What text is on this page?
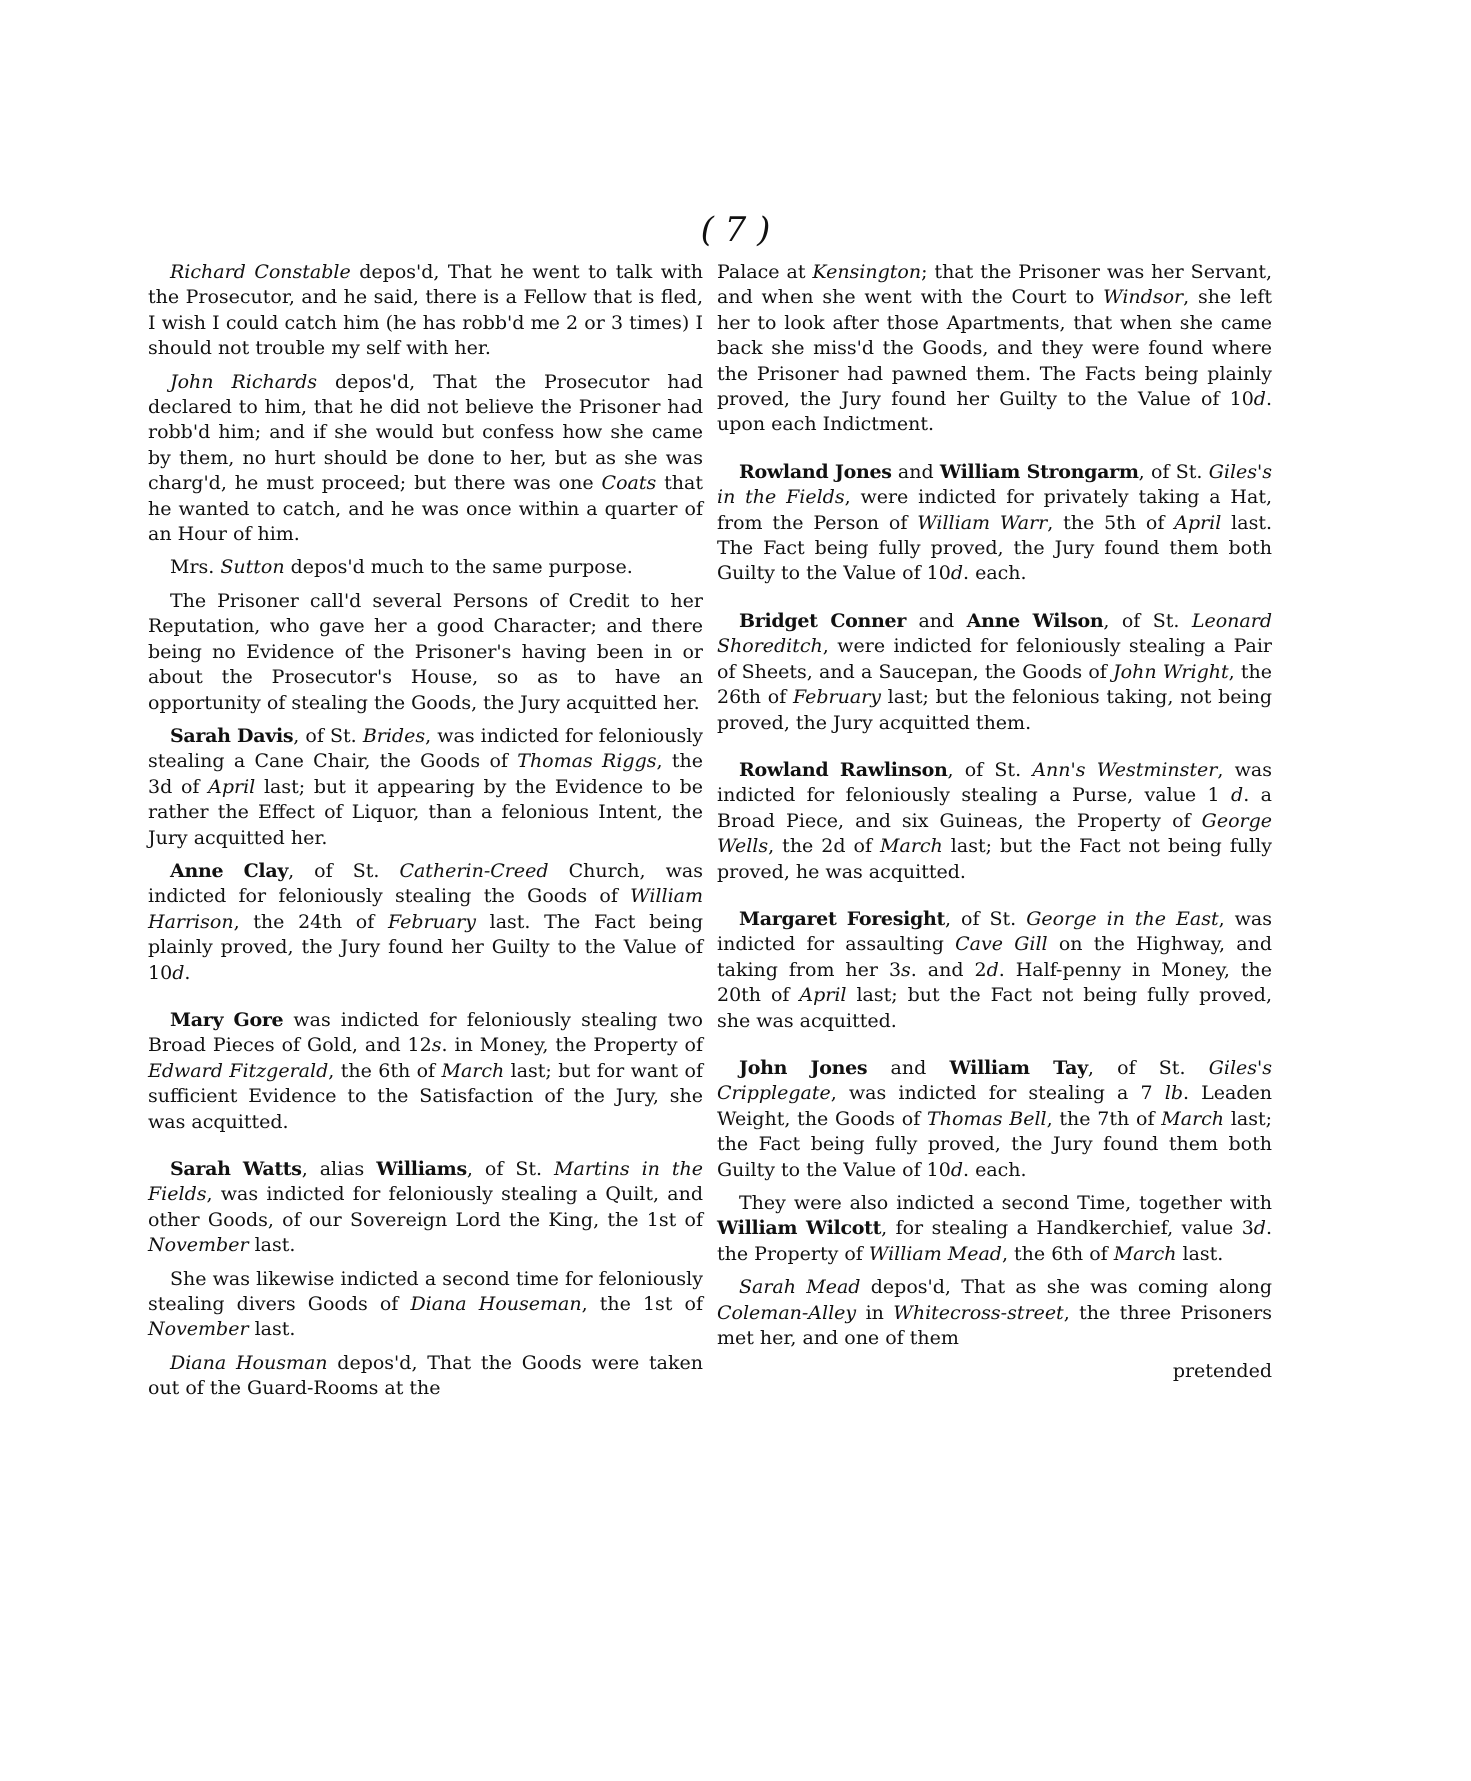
( 7 )

Richard Constable depos'd, That he went to talk with the Prosecutor, and he said, there is a Fellow that is fled, I wish I could catch him (he has robb'd me 2 or 3 times) I should not trouble my self with her.

John Richards depos'd, That the Prosecutor had declared to him, that he did not believe the Prisoner had robb'd him; and if she would but confess how she came by them, no hurt should be done to her, but as she was charg'd, he must proceed; but there was one Coats that he wanted to catch, and he was once within a quarter of an Hour of him.

Mrs. Sutton depos'd much to the same purpose.

The Prisoner call'd several Persons of Credit to her Reputation, who gave her a good Character; and there being no Evidence of the Prisoner's having been in or about the Prosecutor's House, so as to have an opportunity of stealing the Goods, the Jury acquitted her.

Sarah Davis, of St. Brides, was indicted for feloniously stealing a Cane Chair, the Goods of Thomas Riggs, the 3d of April last; but it appearing by the Evidence to be rather the Effect of Liquor, than a felonious Intent, the Jury acquitted her.

Anne Clay, of St. Catherin-Creed Church, was indicted for feloniously stealing the Goods of William Harrison, the 24th of February last. The Fact being plainly proved, the Jury found her Guilty to the Value of 10d.

Mary Gore was indicted for feloniously stealing two Broad Pieces of Gold, and 12s. in Money, the Property of Edward Fitzgerald, the 6th of March last; but for want of sufficient Evidence to the Satisfaction of the Jury, she was acquitted.

Sarah Watts, alias Williams, of St. Martins in the Fields, was indicted for feloniously stealing a Quilt, and other Goods, of our Sovereign Lord the King, the 1st of November last.

She was likewise indicted a second time for feloniously stealing divers Goods of Diana Houseman, the 1st of November last.

Diana Housman depos'd, That the Goods were taken out of the Guard-Rooms at the

Palace at Kensington; that the Prisoner was her Servant, and when she went with the Court to Windsor, she left her to look after those Apartments, that when she came back she miss'd the Goods, and they were found where the Prisoner had pawned them. The Facts being plainly proved, the Jury found her Guilty to the Value of 10d. upon each Indictment.

Rowland Jones and William Strongarm, of St. Giles's in the Fields, were indicted for privately taking a Hat, from the Person of William Warr, the 5th of April last. The Fact being fully proved, the Jury found them both Guilty to the Value of 10d. each.

Bridget Conner and Anne Wilson, of St. Leonard Shoreditch, were indicted for feloniously stealing a Pair of Sheets, and a Saucepan, the Goods of John Wright, the 26th of February last; but the felonious taking, not being proved, the Jury acquitted them.

Rowland Rawlinson, of St. Ann's Westminster, was indicted for feloniously stealing a Purse, value 1 d. a Broad Piece, and six Guineas, the Property of George Wells, the 2d of March last; but the Fact not being fully proved, he was acquitted.

Margaret Foresight, of St. George in the East, was indicted for assaulting Cave Gill on the Highway, and taking from her 3s. and 2d. Half-penny in Money, the 20th of April last; but the Fact not being fully proved, she was acquitted.

John Jones and William Tay, of St. Giles's Cripplegate, was indicted for stealing a 7 lb. Leaden Weight, the Goods of Thomas Bell, the 7th of March last; the Fact being fully proved, the Jury found them both Guilty to the Value of 10d. each.

They were also indicted a second Time, together with William Wilcott, for stealing a Handkerchief, value 3d. the Property of William Mead, the 6th of March last.

Sarah Mead depos'd, That as she was coming along Coleman-Alley in Whitecross-street, the three Prisoners met her, and one of them

pretended
